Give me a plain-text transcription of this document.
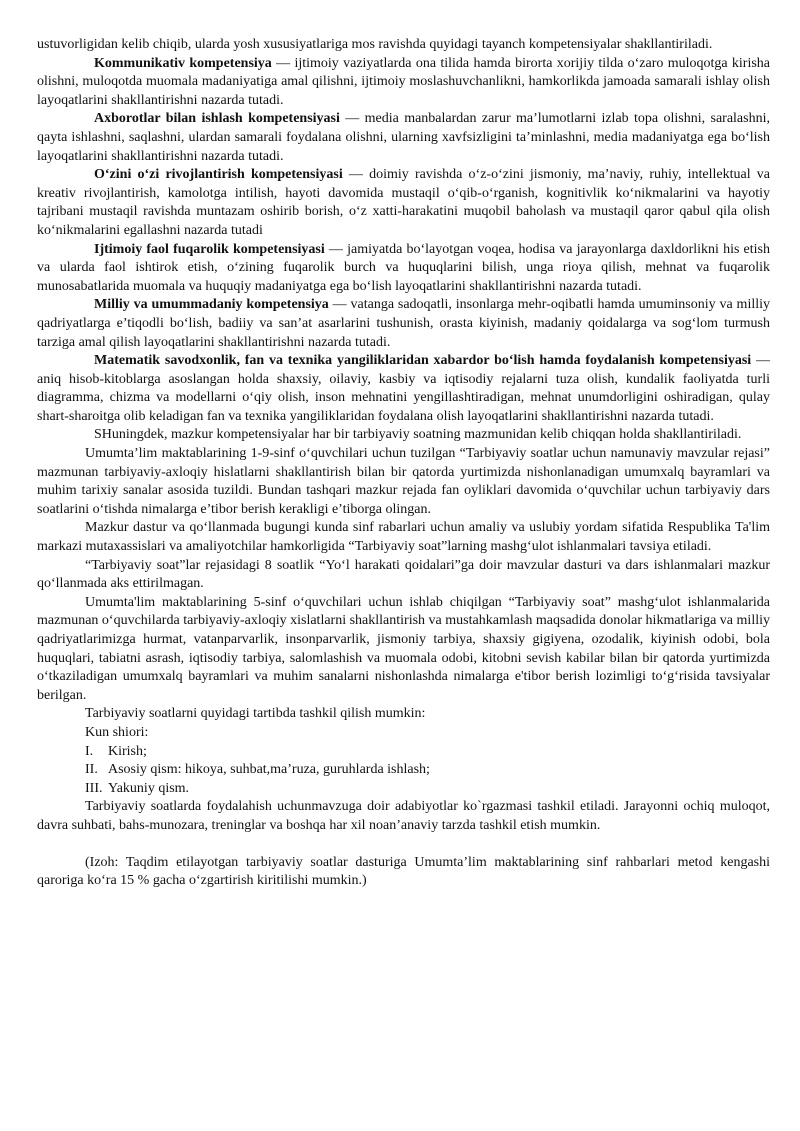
ustuvorligidan kelib chiqib, ularda yosh xususiyatlariga mos ravishda quyidagi tayanch kompetensiyalar shakllantiriladi.

Kommunikativ kompetensiya — ijtimoiy vaziyatlarda ona tilida hamda birorta xorijiy tilda o‘zaro muloqotga kirisha olishni, muloqotda muomala madaniyatiga amal qilishni, ijtimoiy moslashuvchanlikni, hamkorlikda jamoada samarali ishlay olish layoqatlarini shakllantirishni nazarda tutadi.

Axborotlar bilan ishlash kompetensiyasi — media manbalardan zarur ma’lumotlarni izlab topa olishni, saralashni, qayta ishlashni, saqlashni, ulardan samarali foydalana olishni, ularning xavfsizligini ta’minlashni, media madaniyatga ega bo‘lish layoqatlarini shakllantirishni nazarda tutadi.

O‘zini o‘zi rivojlantirish kompetensiyasi — doimiy ravishda o‘z-o‘zini jismoniy, ma’naviy, ruhiy, intellektual va kreativ rivojlantirish, kamolotga intilish, hayoti davomida mustaqil o‘qib-o‘rganish, kognitivlik ko‘nikmalarini va hayotiy tajribani mustaqil ravishda muntazam oshirib borish, o‘z xatti-harakatini muqobil baholash va mustaqil qaror qabul qila olish ko‘nikmalarini egallashni nazarda tutadi

Ijtimoiy faol fuqarolik kompetensiyasi — jamiyatda bo‘layotgan voqea, hodisa va jarayonlarga daxldorlikni his etish va ularda faol ishtirok etish, o‘zining fuqarolik burch va huquqlarini bilish, unga rioya qilish, mehnat va fuqarolik munosabatlarida muomala va huquqiy madaniyatga ega bo‘lish layoqatlarini shakllantirishni nazarda tutadi.

Milliy va umummadaniy kompetensiya — vatanga sadoqatli, insonlarga mehr-oqibatli hamda umuminsoniy va milliy qadriyatlarga e’tiqodli bo‘lish, badiiy va san’at asarlarini tushunish, orasta kiyinish, madaniy qoidalarga va sog‘lom turmush tarziga amal qilish layoqatlarini shakllantirishni nazarda tutadi.

Matematik savodxonlik, fan va texnika yangiliklaridan xabardor bo‘lish hamda foydalanish kompetensiyasi — aniq hisob-kitoblarga asoslangan holda shaxsiy, oilaviy, kasbiy va iqtisodiy rejalarni tuza olish, kundalik faoliyatda turli diagramma, chizma va modellarni o‘qiy olish, inson mehnatini yengillashtiradigan, mehnat unumdorligini oshiradigan, qulay shart-sharoitga olib keladigan fan va texnika yangiliklaridan foydalana olish layoqatlarini shakllantirishni nazarda tutadi.

SHuningdek, mazkur kompetensiyalar har bir tarbiyaviy soatning mazmunidan kelib chiqqan holda shakllantiriladi.

Umumta’lim maktablarining 1-9-sinf o‘quvchilari uchun tuzilgan “Tarbiyaviy soatlar uchun namunaviy mavzular rejasi” mazmunan tarbiyaviy-axloqiy hislatlarni shakllantirish bilan bir qatorda yurtimizda nishonlanadigan umumxalq bayramlari va muhim tarixiy sanalar asosida tuzildi. Bundan tashqari mazkur rejada fan oyliklari davomida o‘quvchilar uchun tarbiyaviy dars soatlarini o‘tishda nimalarga e’tibor berish kerakligi e’tiborga olingan.

Mazkur dastur va qo‘llanmada bugungi kunda sinf rabarlari uchun amaliy va uslubiy yordam sifatida Respublika Ta'lim markazi mutaxassislari va amaliyotchilar hamkorligida “Tarbiyaviy soat”larning mashg‘ulot ishlanmalari tavsiya etiladi.

“Tarbiyaviy soat”lar rejasidagi 8 soatlik “Yo‘l harakati qoidalari”ga doir mavzular dasturi va dars ishlanmalari mazkur qo‘llanmada aks ettirilmagan.

Umumta'lim maktablarining 5-sinf o‘quvchilari uchun ishlab chiqilgan “Tarbiyaviy soat” mashg‘ulot ishlanmalarida mazmunan o‘quvchilarda tarbiyaviy-axloqiy xislatlarni shakllantirish va mustahkamlash maqsadida donolar hikmatlariga va milliy qadriyatlarimizga hurmat, vatanparvarlik, insonparvarlik, jismoniy tarbiya, shaxsiy gigiyena, ozodalik, kiyinish odobi, bola huquqlari, tabiatni asrash, iqtisodiy tarbiya, salomlashish va muomala odobi, kitobni sevish kabilar bilan bir qatorda yurtimizda o‘tkaziladigan umumxalq bayramlari va muhim sanalarni nishonlashda nimalarga e'tibor berish lozimligi to‘g‘risida tavsiyalar berilgan.

Tarbiyaviy soatlarni quyidagi tartibda tashkil qilish mumkin:

Kun shiori:

I. Kirish;

II. Asosiy qism: hikoya, suhbat,ma’ruza, guruhlarda ishlash;

III. Yakuniy qism.

Tarbiyaviy soatlarda foydalahish uchunmavzuga doir adabiyotlar ko`rgazmasi tashkil etiladi. Jarayonni ochiq muloqot, davra suhbati, bahs-munozara, treninglar va boshqa har xil noan’anaviy tarzda tashkil etish mumkin.

(Izoh: Taqdim etilayotgan tarbiyaviy soatlar dasturiga Umumta’lim maktablarining sinf rahbarlari metod kengashi qaroriga ko‘ra 15 % gacha o‘zgartirish kiritilishi mumkin.)
